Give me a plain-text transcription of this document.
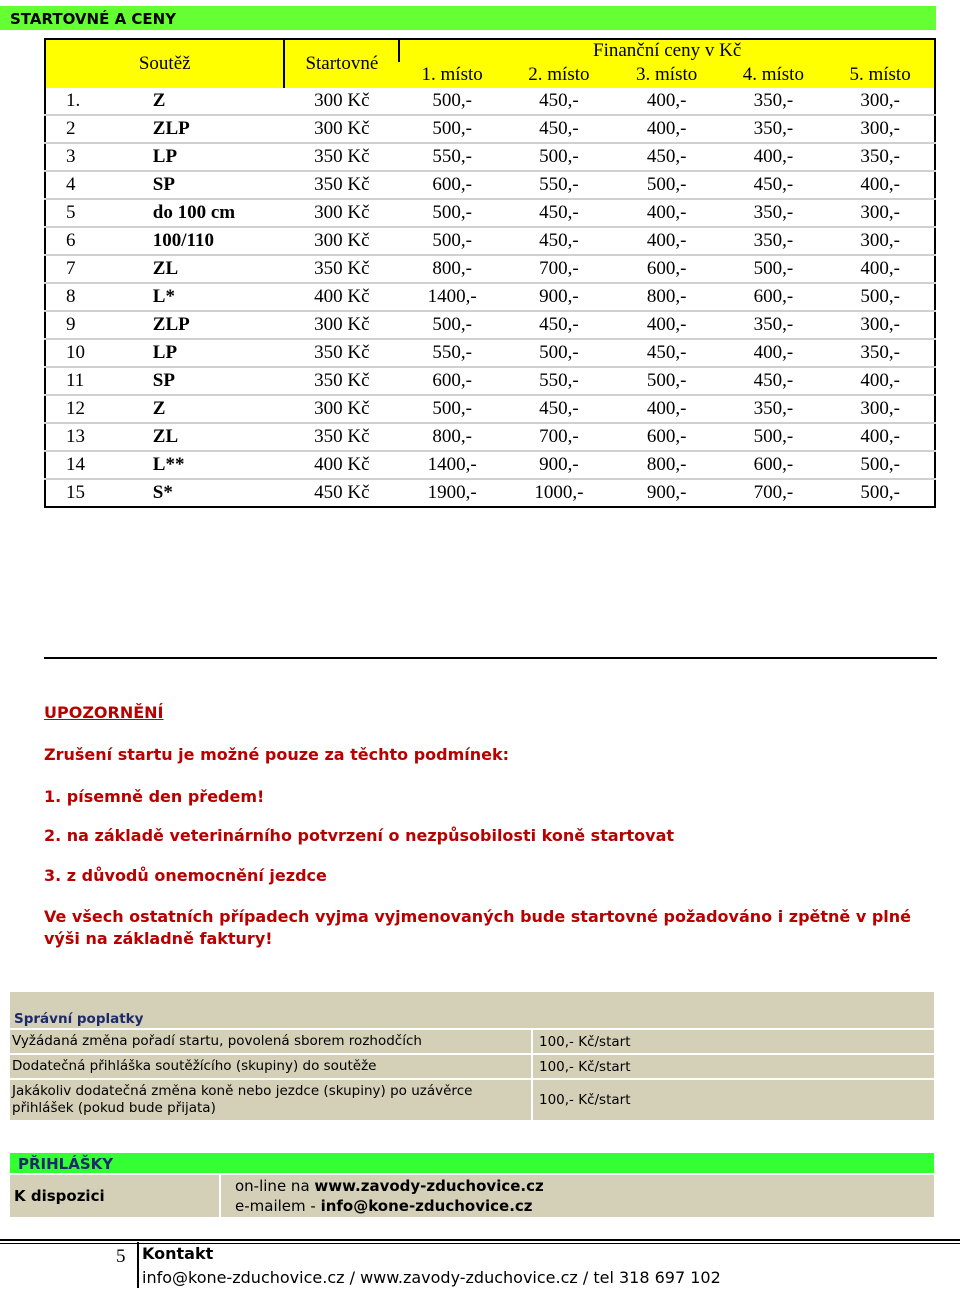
STARTOVNÉ A CENY
Soutěž		Startovné	Finanční ceny v Kč				
			1. místo	2. místo	3. místo	4. místo	5. místo
1.	Z	300 Kč	500,-	450,-	400,-	350,-	300,-
2	ZLP	300 Kč	500,-	450,-	400,-	350,-	300,-
3	LP	350 Kč	550,-	500,-	450,-	400,-	350,-
4	SP	350 Kč	600,-	550,-	500,-	450,-	400,-
5	do 100 cm	300 Kč	500,-	450,-	400,-	350,-	300,-
6	100/110	300 Kč	500,-	450,-	400,-	350,-	300,-
7	ZL	350 Kč	800,-	700,-	600,-	500,-	400,-
8	L*	400 Kč	1400,-	900,-	800,-	600,-	500,-
9	ZLP	300 Kč	500,-	450,-	400,-	350,-	300,-
10	LP	350 Kč	550,-	500,-	450,-	400,-	350,-
11	SP	350 Kč	600,-	550,-	500,-	450,-	400,-
12	Z	300 Kč	500,-	450,-	400,-	350,-	300,-
13	ZL	350 Kč	800,-	700,-	600,-	500,-	400,-
14	L**	400 Kč	1400,-	900,-	800,-	600,-	500,-
15	S*	450 Kč	1900,-	1000,-	900,-	700,-	500,-
UPOZORNĚNÍ
Zrušení startu je možné pouze za těchto podmínek:
1. písemně den předem!
2. na základě veterinárního potvrzení o nezpůsobilosti koně startovat
3. z důvodů onemocnění jezdce
Ve všech ostatních případech vyjma vyjmenovaných bude startovné požadováno i zpětně v plné výši na základně faktury!
Správní poplatky
Vyžádaná změna pořadí startu, povolená sborem rozhodčích	100,- Kč/start
Dodatečná přihláška soutěžícího (skupiny) do soutěže	100,- Kč/start
Jakákoliv dodatečná změna koně nebo jezdce (skupiny) po uzávěrce přihlášek (pokud bude přijata)	100,- Kč/start
PŘIHLÁŠKY
K dispozici
on-line na www.zavody-zduchovice.cz
e-mailem - info@kone-zduchovice.cz
5 Kontakt
info@kone-zduchovice.cz / www.zavody-zduchovice.cz / tel 318 697 102
